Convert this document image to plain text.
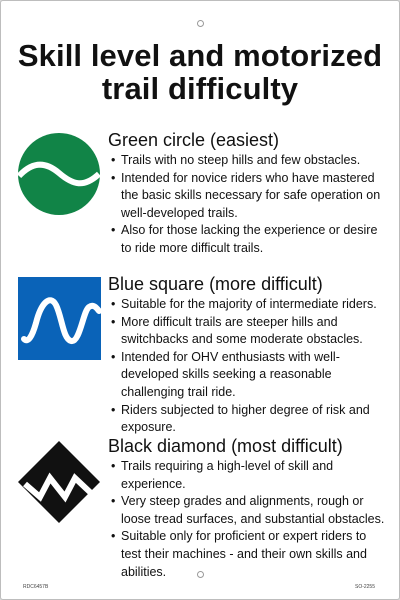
Skill level and motorized
trail difficulty
Green circle (easiest)
• Trails with no steep hills and few obstacles.
• Intended for novice riders who have mastered the basic skills necessary for safe operation on well-developed trails.
• Also for those lacking the experience or desire to ride more difficult trails.
Blue square (more difficult)
• Suitable for the majority of intermediate riders.
• More difficult trails are steeper hills and switchbacks and some moderate obstacles.
• Intended for OHV enthusiasts with well-developed skills seeking a reasonable challenging trail ride.
• Riders subjected to higher degree of risk and exposure.
Black diamond (most difficult)
• Trails requiring a high-level of skill and experience.
• Very steep grades and alignments, rough or loose tread surfaces, and substantial obstacles.
• Suitable only for proficient or expert riders to test their machines - and their own skills and abilities.
RDC6457B	SO-2255
